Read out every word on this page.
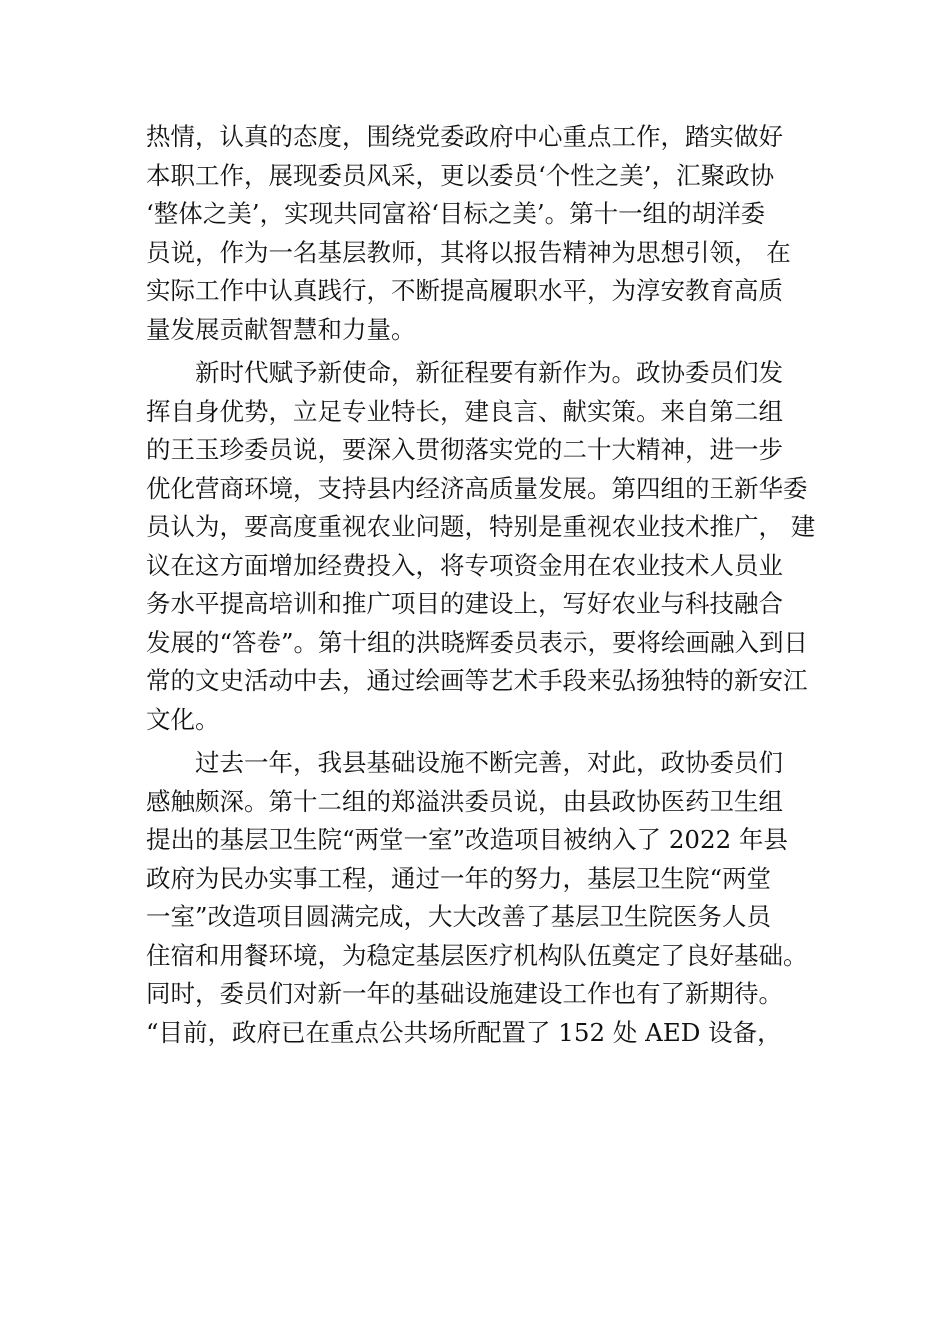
热情，认真的态度，围绕党委政府中心重点工作，踏实做好
本职工作，展现委员风采，更以委员‘个性之美’，汇聚政协
‘整体之美’，实现共同富裕‘目标之美’。第十一组的胡洋委
员说，作为一名基层教师，其将以报告精神为思想引领， 在
实际工作中认真践行，不断提高履职水平，为淳安教育高质
量发展贡献智慧和力量。
新时代赋予新使命，新征程要有新作为。政协委员们发
挥自身优势，立足专业特长，建良言、献实策。来自第二组
的王玉珍委员说，要深入贯彻落实党的二十大精神，进一步
优化营商环境，支持县内经济高质量发展。第四组的王新华委
员认为，要高度重视农业问题，特别是重视农业技术推广， 建
议在这方面增加经费投入，将专项资金用在农业技术人员业
务水平提高培训和推广项目的建设上，写好农业与科技融合
发展的“答卷”。第十组的洪晓辉委员表示，要将绘画融入到日
常的文史活动中去，通过绘画等艺术手段来弘扬独特的新安江
文化。
过去一年，我县基础设施不断完善，对此，政协委员们
感触颇深。第十二组的郑溢洪委员说，由县政协医药卫生组
提出的基层卫生院“两堂一室”改造项目被纳入了 2022 年县
政府为民办实事工程，通过一年的努力，基层卫生院“两堂
一室”改造项目圆满完成，大大改善了基层卫生院医务人员
住宿和用餐环境，为稳定基层医疗机构队伍奠定了良好基础。
同时，委员们对新一年的基础设施建设工作也有了新期待。
“目前，政府已在重点公共场所配置了 152 处 AED 设备，
